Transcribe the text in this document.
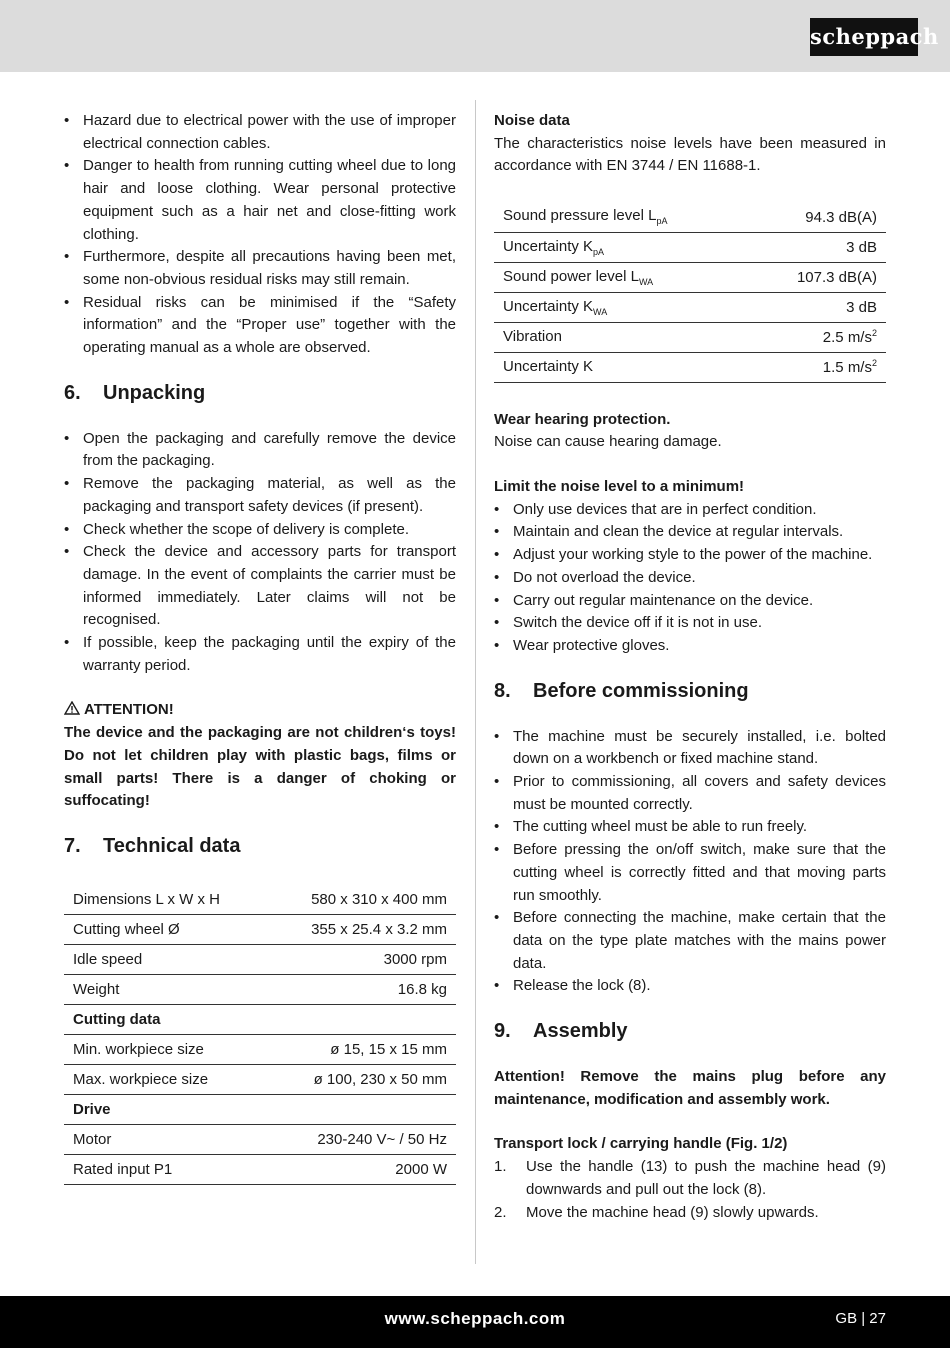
scheppach
• Hazard due to electrical power with the use of improper electrical connection cables.
• Danger to health from running cutting wheel due to long hair and loose clothing. Wear personal protective equipment such as a hair net and close-fitting work clothing.
• Furthermore, despite all precautions having been met, some non-obvious residual risks may still remain.
• Residual risks can be minimised if the “Safety information” and the “Proper use” together with the operating manual as a whole are observed.
6.	Unpacking
• Open the packaging and carefully remove the device from the packaging.
• Remove the packaging material, as well as the packaging and transport safety devices (if present).
• Check whether the scope of delivery is complete.
• Check the device and accessory parts for transport damage. In the event of complaints the carrier must be informed immediately. Later claims will not be recognised.
• If possible, keep the packaging until the expiry of the warranty period.
ATTENTION!
The device and the packaging are not children‘s toys! Do not let children play with plastic bags, films or small parts! There is a danger of choking or suffocating!
7.	Technical data
Dimensions L x W x H	580 x 310 x 400 mm
Cutting wheel Ø	355 x 25.4 x 3.2 mm
Idle speed	3000 rpm
Weight	16.8 kg
Cutting data	
Min. workpiece size	ø 15, 15 x 15 mm
Max. workpiece size	ø 100, 230 x 50 mm
Drive	
Motor	230-240 V~ / 50 Hz
Rated input P1	2000 W
Noise data
The characteristics noise levels have been measured in accordance with EN 3744 / EN 11688-1.
Sound pressure level $L_{pA}$	94.3 dB(A)
Uncertainty $K_{pA}$	3 dB
Sound power level $L_{WA}$	107.3 dB(A)
Uncertainty $K_{WA}$	3 dB
Vibration	2.5 $m/s^2$
Uncertainty K	1.5 $m/s^2$
Wear hearing protection.
Noise can cause hearing damage.
Limit the noise level to a minimum!
• Only use devices that are in perfect condition.
• Maintain and clean the device at regular intervals.
• Adjust your working style to the power of the machine.
• Do not overload the device.
• Carry out regular maintenance on the device.
• Switch the device off if it is not in use.
• Wear protective gloves.
8.	Before commissioning
• The machine must be securely installed, i.e. bolted down on a workbench or fixed machine stand.
• Prior to commissioning, all covers and safety devices must be mounted correctly.
• The cutting wheel must be able to run freely.
• Before pressing the on/off switch, make sure that the cutting wheel is correctly fitted and that moving parts run smoothly.
• Before connecting the machine, make certain that the data on the type plate matches with the mains power data.
• Release the lock (8).
9.	Assembly
Attention! Remove the mains plug before any maintenance, modification and assembly work.
Transport lock / carrying handle (Fig. 1/2)
1. Use the handle (13) to push the machine head (9) downwards and pull out the lock (8).
2. Move the machine head (9) slowly upwards.
www.scheppach.com	GB | 27
